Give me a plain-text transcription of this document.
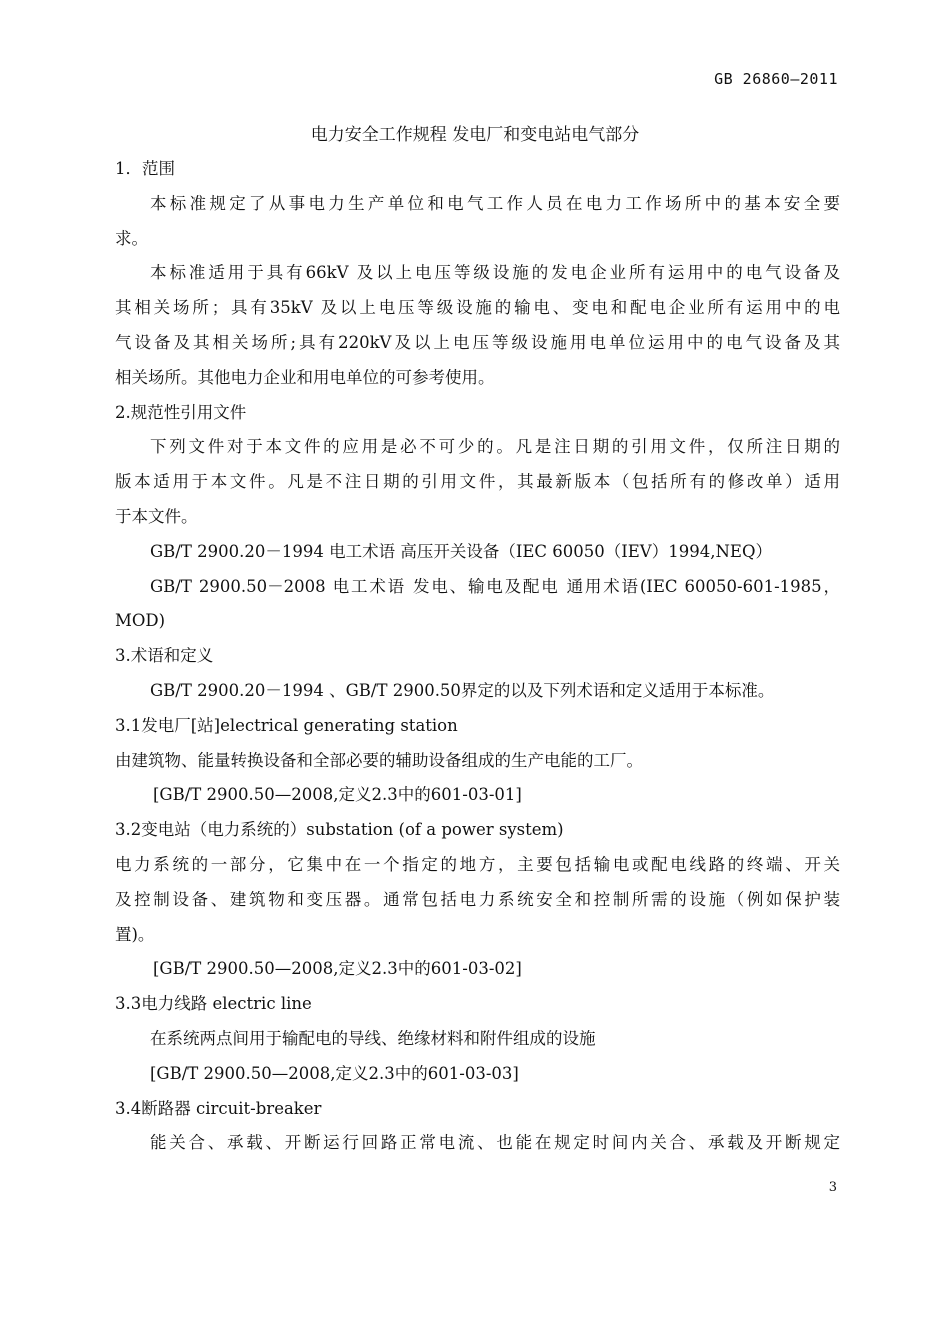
GB 26860—2011
电力安全工作规程 发电厂和变电站电气部分
1．范围
本标准规定了从事电力生产单位和电气工作人员在电力工作场所中的基本安全要
求。
本标准适用于具有66kV 及以上电压等级设施的发电企业所有运用中的电气设备及
其相关场所；具有35kV 及以上电压等级设施的输电、变电和配电企业所有运用中的电
气设备及其相关场所;具有220kV及以上电压等级设施用电单位运用中的电气设备及其
相关场所。其他电力企业和用电单位的可参考使用。
2.规范性引用文件
下列文件对于本文件的应用是必不可少的。凡是注日期的引用文件，仅所注日期的
版本适用于本文件。凡是不注日期的引用文件，其最新版本（包括所有的修改单）适用
于本文件。
GB/T 2900.20－1994 电工术语 高压开关设备（IEC 60050（IEV）1994,NEQ）
GB/T 2900.50－2008 电工术语 发电、输电及配电 通用术语(IEC 60050-601-1985，
MOD)
3.术语和定义
GB/T 2900.20－1994 、GB/T 2900.50界定的以及下列术语和定义适用于本标准。
3.1发电厂[站]electrical generating station
由建筑物、能量转换设备和全部必要的辅助设备组成的生产电能的工厂。
[GB/T 2900.50—2008,定义2.3中的601-03-01]
3.2变电站（电力系统的）substation (of a power system)
电力系统的一部分，它集中在一个指定的地方，主要包括输电或配电线路的终端、开关
及控制设备、建筑物和变压器。通常包括电力系统安全和控制所需的设施（例如保护装
置)。
[GB/T 2900.50—2008,定义2.3中的601-03-02]
3.3电力线路 electric line
在系统两点间用于输配电的导线、绝缘材料和附件组成的设施
[GB/T 2900.50—2008,定义2.3中的601-03-03]
3.4断路器 circuit-breaker
能关合、承载、开断运行回路正常电流、也能在规定时间内关合、承载及开断规定
3
